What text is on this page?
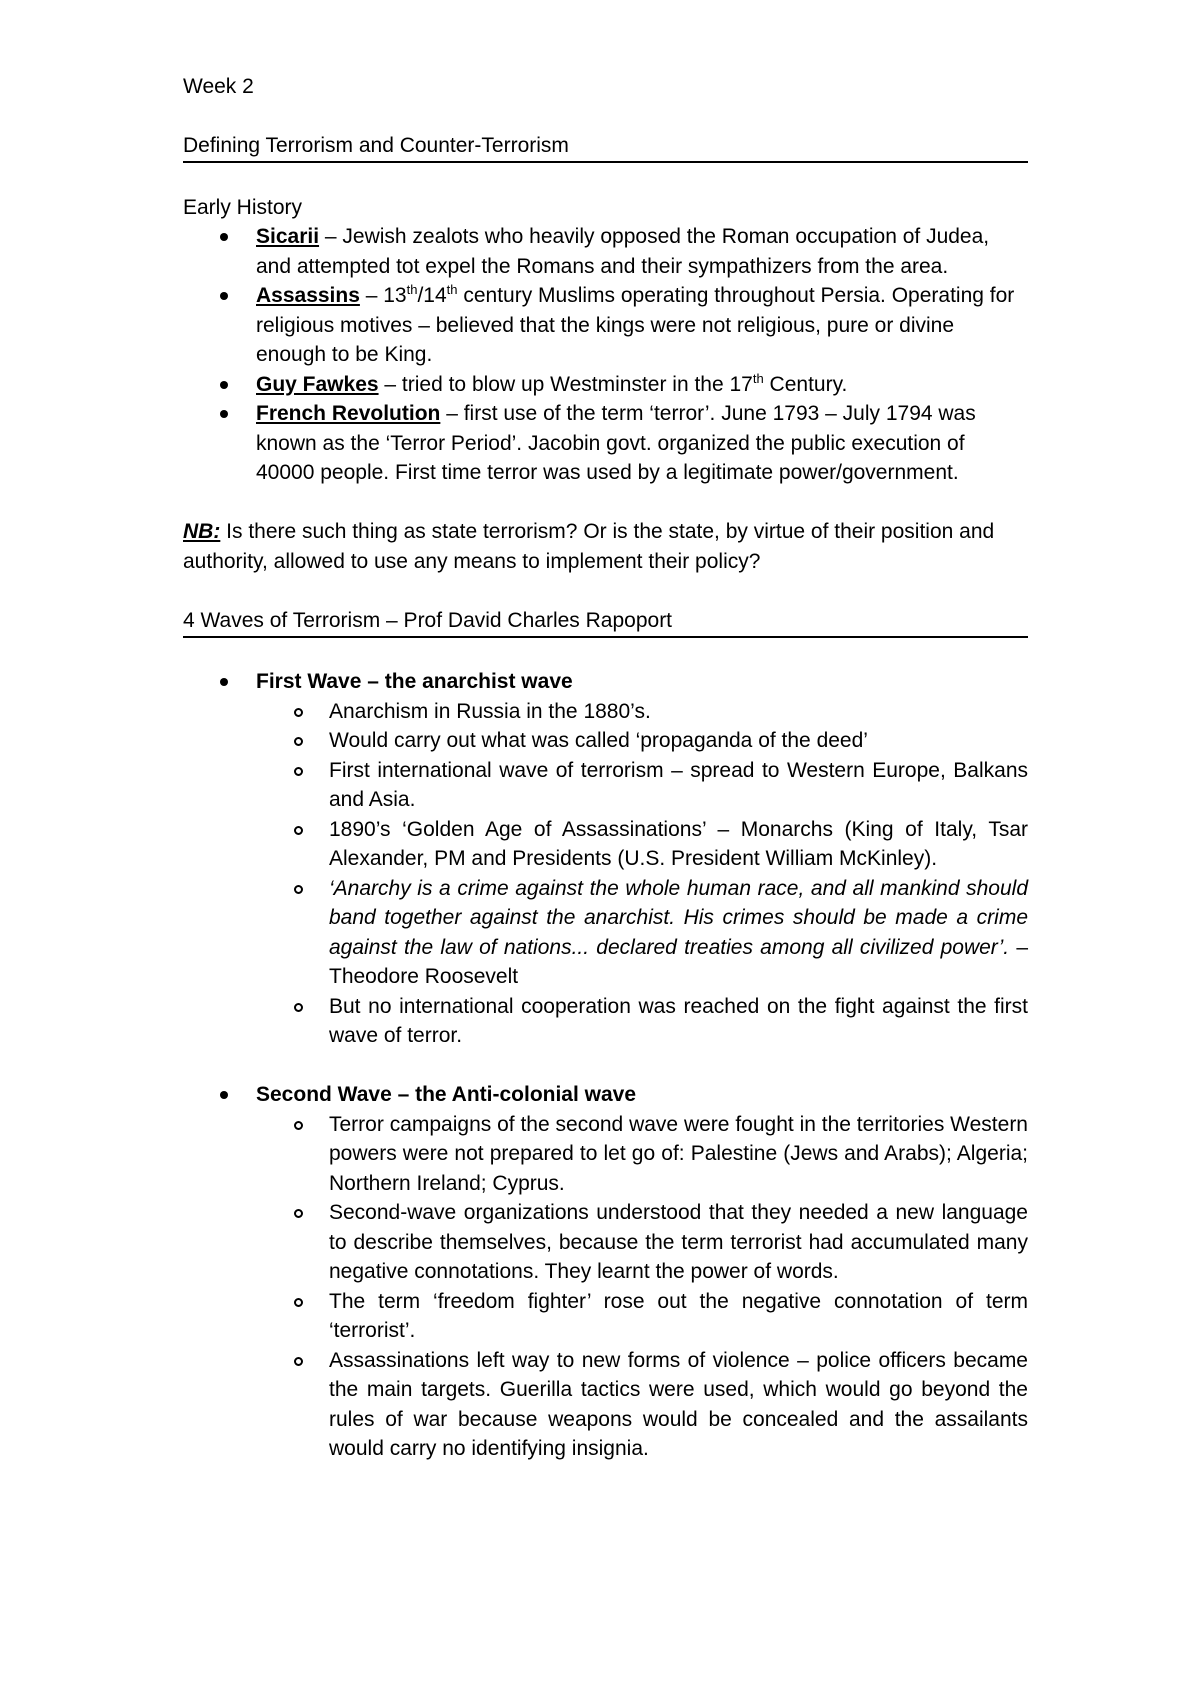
Week 2

Defining Terrorism and Counter-Terrorism

Early History

Sicarii – Jewish zealots who heavily opposed the Roman occupation of Judea, and attempted tot expel the Romans and their sympathizers from the area.
Assassins – 13th/14th century Muslims operating throughout Persia. Operating for religious motives – believed that the kings were not religious, pure or divine enough to be King.
Guy Fawkes – tried to blow up Westminster in the 17th Century.
French Revolution – first use of the term ‘terror’. June 1793 – July 1794 was known as the ‘Terror Period’. Jacobin govt. organized the public execution of 40000 people. First time terror was used by a legitimate power/government.

NB: Is there such thing as state terrorism? Or is the state, by virtue of their position and authority, allowed to use any means to implement their policy?

4 Waves of Terrorism – Prof David Charles Rapoport

First Wave – the anarchist wave
Anarchism in Russia in the 1880’s.
Would carry out what was called ‘propaganda of the deed’
First international wave of terrorism – spread to Western Europe, Balkans and Asia.
1890’s ‘Golden Age of Assassinations’ – Monarchs (King of Italy, Tsar Alexander, PM and Presidents (U.S. President William McKinley).
‘Anarchy is a crime against the whole human race, and all mankind should band together against the anarchist. His crimes should be made a crime against the law of nations... declared treaties among all civilized power’. – Theodore Roosevelt
But no international cooperation was reached on the fight against the first wave of terror.
Second Wave – the Anti-colonial wave
Terror campaigns of the second wave were fought in the territories Western powers were not prepared to let go of: Palestine (Jews and Arabs); Algeria; Northern Ireland; Cyprus.
Second-wave organizations understood that they needed a new language to describe themselves, because the term terrorist had accumulated many negative connotations. They learnt the power of words.
The term ‘freedom fighter’ rose out the negative connotation of term ‘terrorist’.
Assassinations left way to new forms of violence – police officers became the main targets. Guerilla tactics were used, which would go beyond the rules of war because weapons would be concealed and the assailants would carry no identifying insignia.
